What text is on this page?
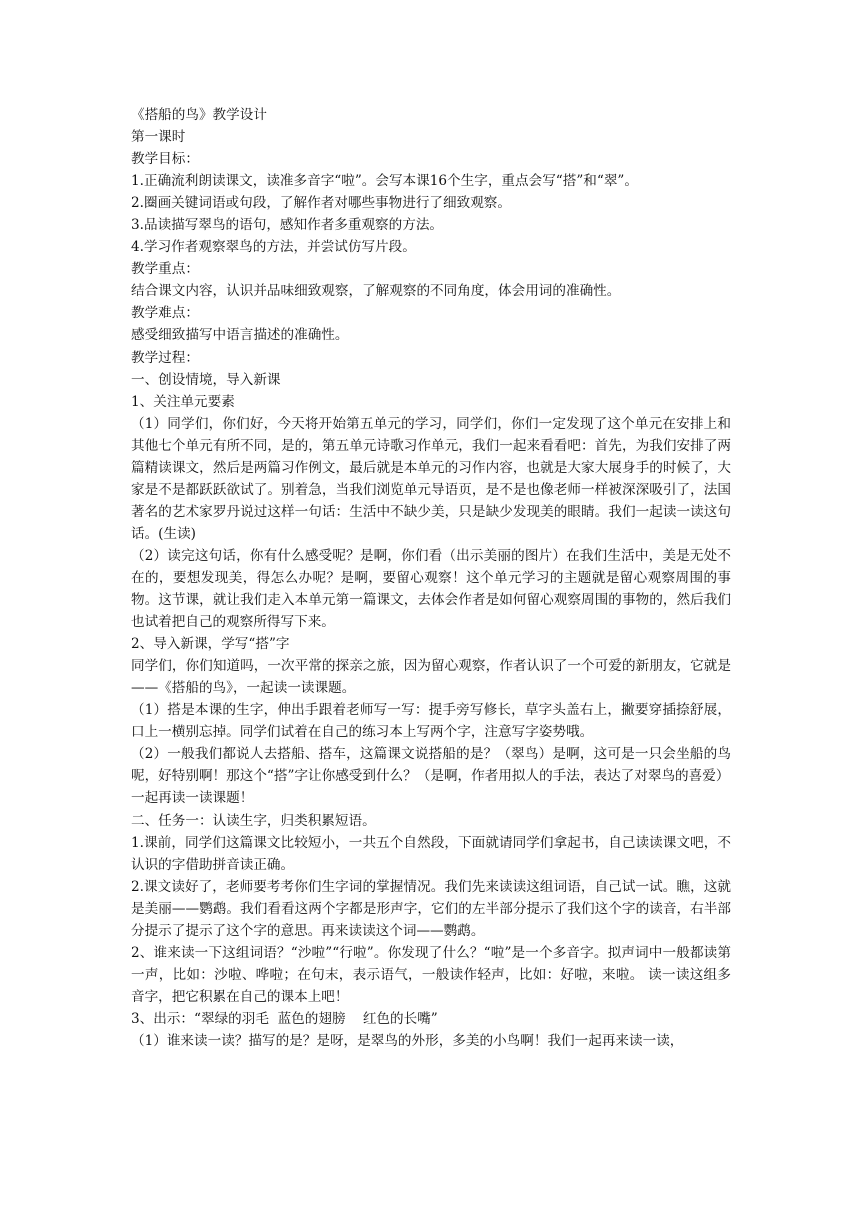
《搭船的鸟》教学设计

第一课时

教学目标：

1.正确流利朗读课文，读准多音字“啦”。会写本课16个生字，重点会写“搭”和“翠”。

2.圈画关键词语或句段，了解作者对哪些事物进行了细致观察。

3.品读描写翠鸟的语句，感知作者多重观察的方法。

4.学习作者观察翠鸟的方法，并尝试仿写片段。

教学重点：

结合课文内容，认识并品味细致观察，了解观察的不同角度，体会用词的准确性。

教学难点：

感受细致描写中语言描述的准确性。

教学过程：

一、创设情境，导入新课

1、关注单元要素

（1）同学们，你们好，今天将开始第五单元的学习，同学们，你们一定发现了这个单元在安排上和其他七个单元有所不同，是的，第五单元诗歌习作单元，我们一起来看看吧：首先，为我们安排了两篇精读课文，然后是两篇习作例文，最后就是本单元的习作内容，也就是大家大展身手的时候了，大家是不是都跃跃欲试了。别着急，当我们浏览单元导语页，是不是也像老师一样被深深吸引了，法国著名的艺术家罗丹说过这样一句话：生活中不缺少美，只是缺少发现美的眼睛。我们一起读一读这句话。(生读)

（2）读完这句话，你有什么感受呢？是啊，你们看（出示美丽的图片）在我们生活中，美是无处不在的，要想发现美，得怎么办呢？是啊，要留心观察！这个单元学习的主题就是留心观察周围的事物。这节课，就让我们走入本单元第一篇课文，去体会作者是如何留心观察周围的事物的，然后我们也试着把自己的观察所得写下来。

2、导入新课，学写“搭”字

同学们，你们知道吗，一次平常的探亲之旅，因为留心观察，作者认识了一个可爱的新朋友，它就是——《搭船的鸟》，一起读一读课题。

（1）搭是本课的生字，伸出手跟着老师写一写：提手旁写修长，草字头盖右上，撇要穿插捺舒展，口上一横别忘掉。同学们试着在自己的练习本上写两个字，注意写字姿势哦。

（2）一般我们都说人去搭船、搭车，这篇课文说搭船的是？（翠鸟）是啊，这可是一只会坐船的鸟呢，好特别啊！那这个“搭”字让你感受到什么？（是啊，作者用拟人的手法，表达了对翠鸟的喜爱）

一起再读一读课题！

二、任务一：认读生字，归类积累短语。

1.课前，同学们这篇课文比较短小，一共五个自然段，下面就请同学们拿起书，自己读读课文吧，不认识的字借助拼音读正确。

2.课文读好了，老师要考考你们生字词的掌握情况。我们先来读读这组词语，自己试一试。瞧，这就是美丽——鹦鹉。我们看看这两个字都是形声字，它们的左半部分提示了我们这个字的读音，右半部分提示了提示了这个字的意思。再来读读这个词——鹦鹉。

2、谁来读一下这组词语？“沙啦”“行啦”。你发现了什么？“啦”是一个多音字。拟声词中一般都读第一声，比如：沙啦、哗啦；在句末，表示语气，一般读作轻声，比如：好啦，来啦。 读一读这组多音字，把它积累在自己的课本上吧！

3、出示：“翠绿的羽毛  蓝色的翅膀    红色的长嘴”

（1）谁来读一读？描写的是？是呀，是翠鸟的外形，多美的小鸟啊！我们一起再来读一读，
